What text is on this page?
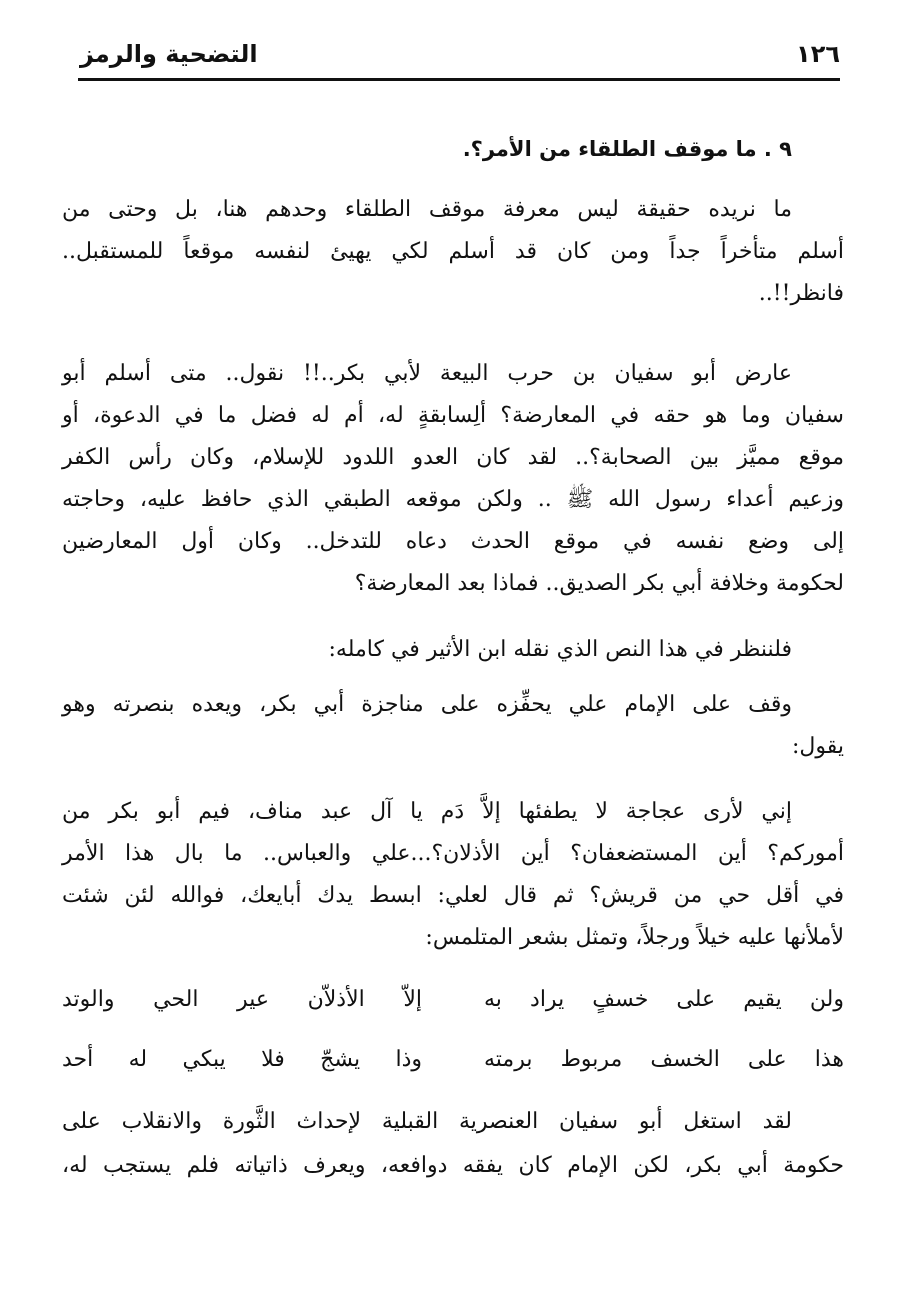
١٢٦
التضحية والرمز
٩ . ما موقف الطلقاء من الأمر؟.
ما نريده حقيقة ليس معرفة موقف الطلقاء وحدهم هنا، بل وحتى من
أسلم متأخراً جداً ومن كان قد أسلم لكي يهيئ لنفسه موقعاً للمستقبل..
فانظر!!..
عارض أبو سفيان بن حرب البيعة لأبي بكر..!! نقول.. متى أسلم أبو
سفيان وما هو حقه في المعارضة؟ ألِسابقةٍ له، أم له فضل ما في الدعوة، أو
موقع مميَّز بين الصحابة؟.. لقد كان العدو اللدود للإسلام، وكان رأس الكفر
وزعيم أعداء رسول الله ﷺ .. ولكن موقعه الطبقي الذي حافظ عليه، وحاجته
إلى وضع نفسه في موقع الحدث دعاه للتدخل.. وكان أول المعارضين
لحكومة وخلافة أبي بكر الصديق.. فماذا بعد المعارضة؟
فلننظر في هذا النص الذي نقله ابن الأثير في كامله:
وقف على الإمام علي يحفِّزه على مناجزة أبي بكر، ويعده بنصرته وهو
يقول:
إني لأرى عجاجة لا يطفئها إلاَّ دَم يا آل عبد مناف، فيم أبو بكر من
أموركم؟ أين المستضعفان؟ أين الأذلان؟...علي والعباس.. ما بال هذا الأمر
في أقل حي من قريش؟ ثم قال لعلي: ابسط يدك أبايعك، فوالله لئن شئت
لأملأنها عليه خيلاً ورجلاً، وتمثل بشعر المتلمس:
ولن يقيم على خسفٍ يراد به
إلاّ الأذلاّن عير الحي والوتد
هذا على الخسف مربوط برمته
وذا يشجّ فلا يبكي له أحد
لقد استغل أبو سفيان العنصرية القبلية لإحداث الثَّورة والانقلاب على
حكومة أبي بكر، لكن الإمام كان يفقه دوافعه، ويعرف ذاتياته فلم يستجب له،
